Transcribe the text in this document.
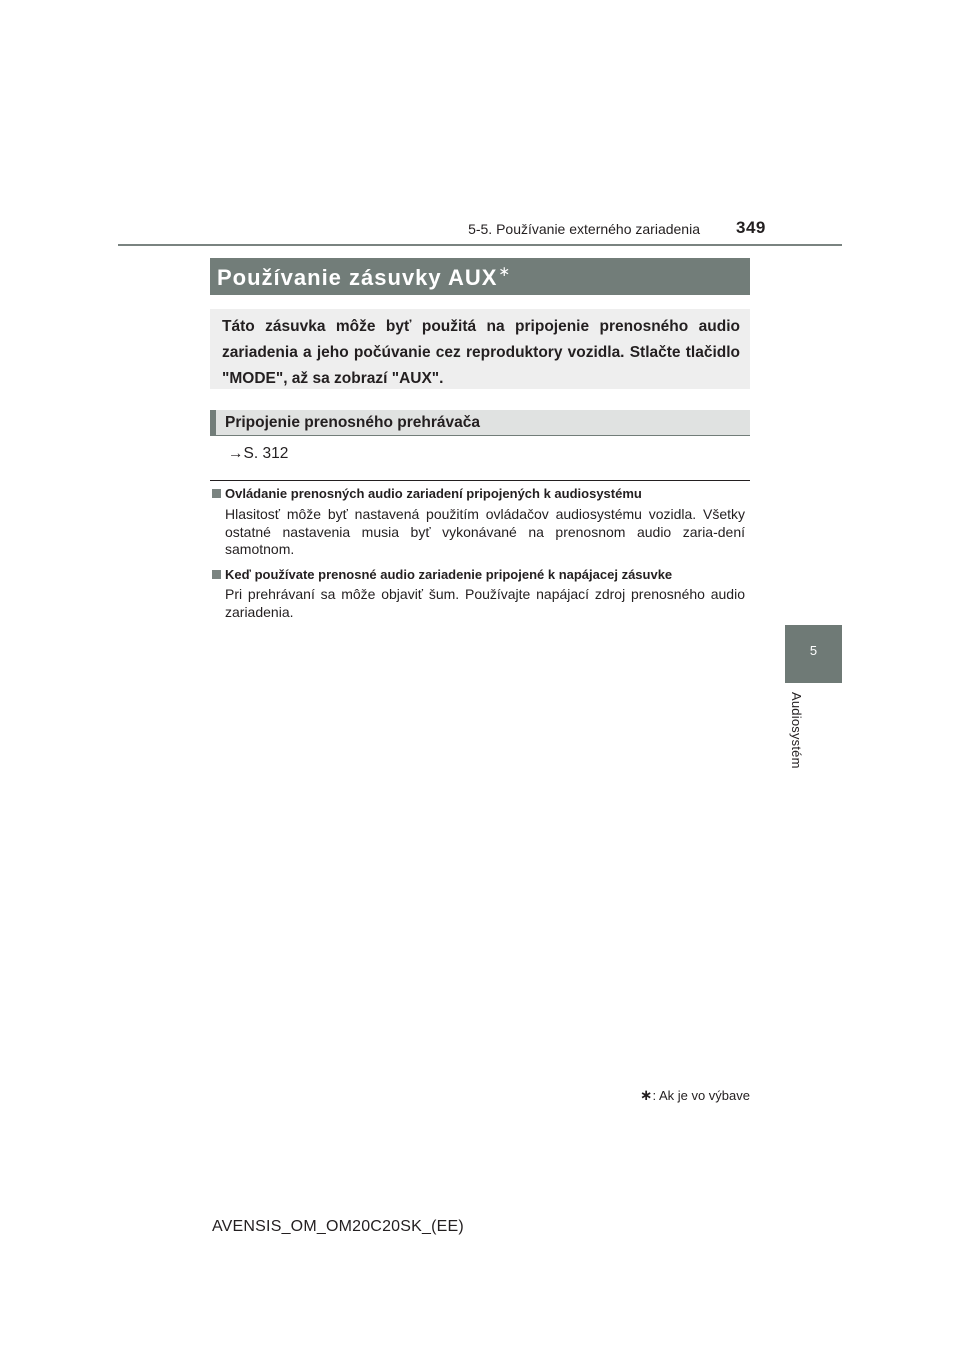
5-5. Používanie externého zariadenia 349
5
Audiosystém
Používanie zásuvky AUX∗
Táto zásuvka môže byť použitá na pripojenie prenosného audio zariadenia a jeho počúvanie cez reproduktory vozidla. Stlačte tlačidlo "MODE", až sa zobrazí "AUX".
Pripojenie prenosného prehrávača
→S. 312
Ovládanie prenosných audio zariadení pripojených k audiosystému
Hlasitosť môže byť nastavená použitím ovládačov audiosystému vozidla. Všetky ostatné nastavenia musia byť vykonávané na prenosnom audio zaria-dení samotnom.
Keď používate prenosné audio zariadenie pripojené k napájacej zásuvke
Pri prehrávaní sa môže objaviť šum. Používajte napájací zdroj prenosného audio zariadenia.
∗: Ak je vo výbave
AVENSIS_OM_OM20C20SK_(EE)
